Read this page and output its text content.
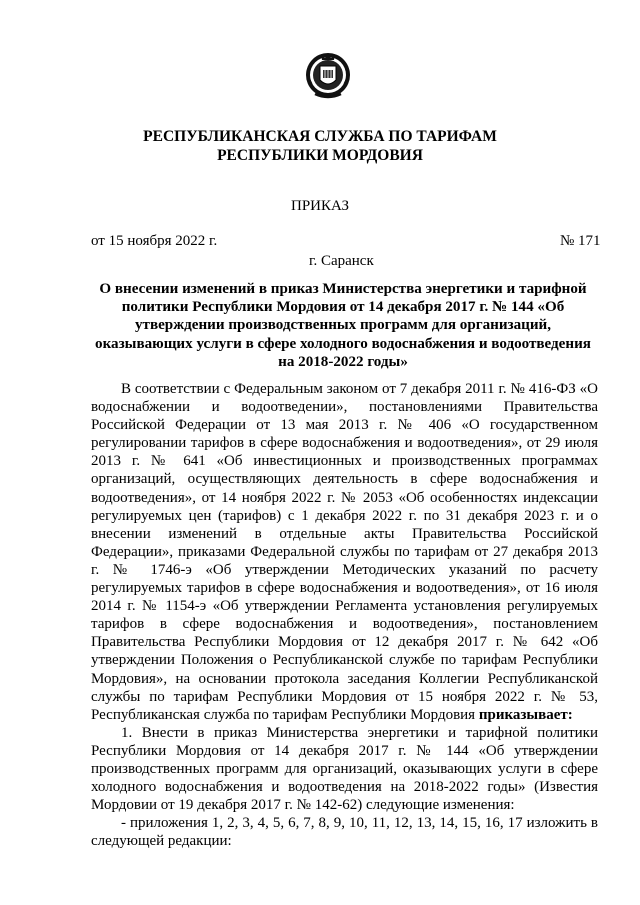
РЕСПУБЛИКАНСКАЯ СЛУЖБА ПО ТАРИФАМ
РЕСПУБЛИКИ МОРДОВИЯ
ПРИКАЗ
от 15 ноября 2022 г.	№ 171
г. Саранск
О внесении изменений в приказ Министерства энергетики и тарифной политики Республики Мордовия от 14 декабря 2017 г. № 144 «Об утверждении производственных программ для организаций, оказывающих услуги в сфере холодного водоснабжения и водоотведения на 2018-2022 годы»

В соответствии с Федеральным законом от 7 декабря 2011 г. № 416-ФЗ «О водоснабжении и водоотведении», постановлениями Правительства Российской Федерации от 13 мая 2013 г. № 406 «О государственном регулировании тарифов в сфере водоснабжения и водоотведения», от 29 июля 2013 г. № 641 «Об инвестиционных и производственных программах организаций, осуществляющих деятельность в сфере водоснабжения и водоотведения», от 14 ноября 2022 г. № 2053 «Об особенностях индексации регулируемых цен (тарифов) с 1 декабря 2022 г. по 31 декабря 2023 г. и о внесении изменений в отдельные акты Правительства Российской Федерации», приказами Федеральной службы по тарифам от 27 декабря 2013 г. № 1746-э «Об утверждении Методических указаний по расчету регулируемых тарифов в сфере водоснабжения и водоотведения», от 16 июля 2014 г. № 1154-э «Об утверждении Регламента установления регулируемых тарифов в сфере водоснабжения и водоотведения», постановлением Правительства Республики Мордовия от 12 декабря 2017 г. № 642 «Об утверждении Положения о Республиканской службе по тарифам Республики Мордовия», на основании протокола заседания Коллегии Республиканской службы по тарифам Республики Мордовия от 15 ноября 2022 г. № 53, Республиканская служба по тарифам Республики Мордовия приказывает:

1. Внести в приказ Министерства энергетики и тарифной политики Республики Мордовия от 14 декабря 2017 г. № 144 «Об утверждении производственных программ для организаций, оказывающих услуги в сфере холодного водоснабжения и водоотведения на 2018-2022 годы» (Известия Мордовии от 19 декабря 2017 г. № 142-62) следующие изменения:

- приложения 1, 2, 3, 4, 5, 6, 7, 8, 9, 10, 11, 12, 13, 14, 15, 16, 17 изложить в следующей редакции:
